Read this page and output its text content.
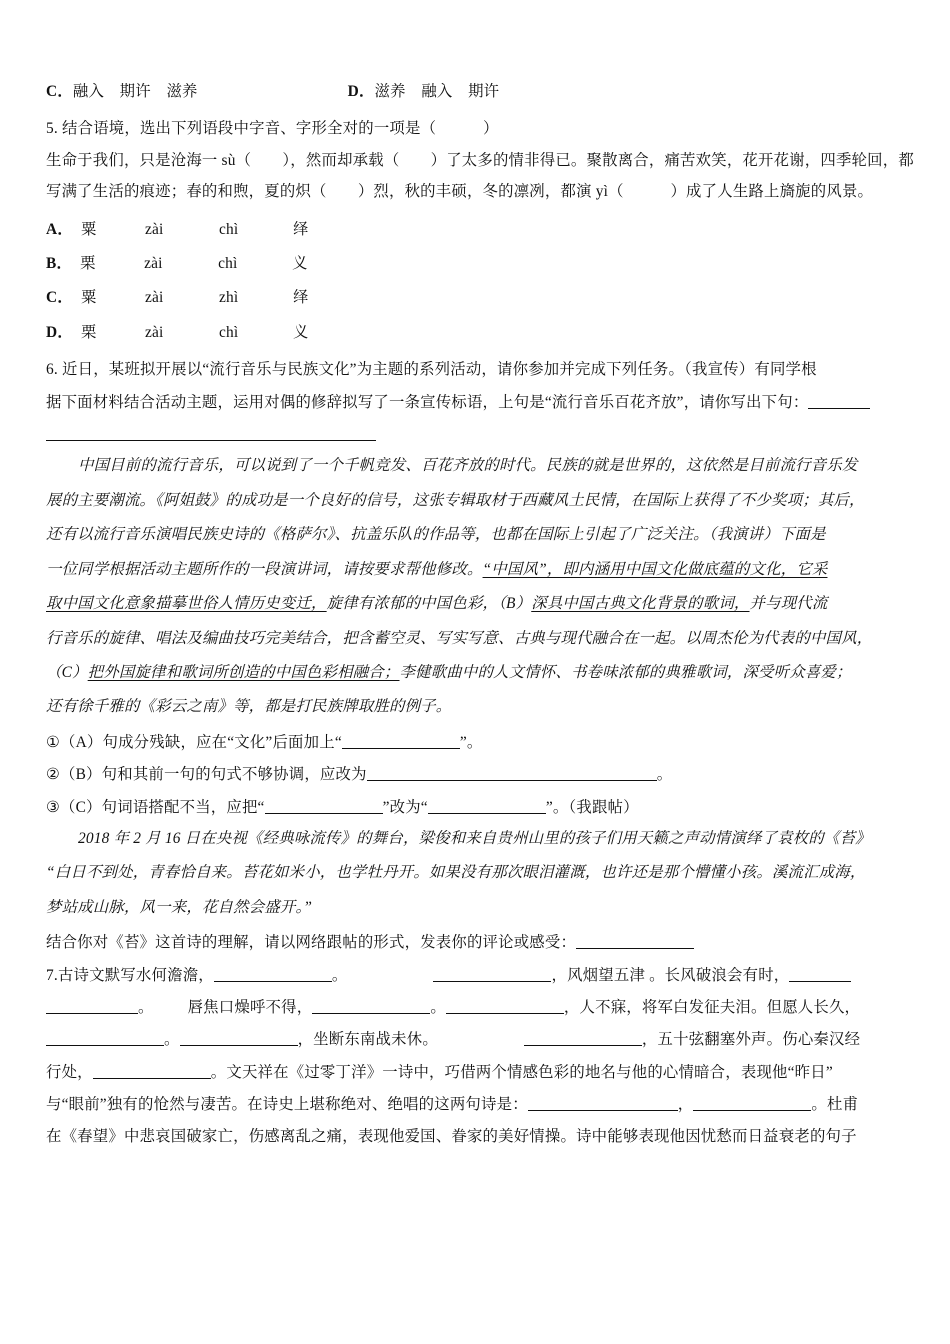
C．融入　期许　滋养	D．滋养　融入　期许
5. 结合语境，选出下列语段中字音、字形全对的一项是（　　　）
生命于我们，只是沧海一 sù（　　），然而却承载（　　）了太多的情非得已。聚散离合，痛苦欢笑，花开花谢，四季轮回，都
写满了生活的痕迹；春的和煦，夏的炽（　　）烈，秋的丰硕，冬的凛冽，都演 yì（　　　）成了人生路上旖旎的风景。
A． 粟	zài	chì	绎
B． 栗	zài	chì	义
C． 粟	zài	zhì	绎
D． 栗	zài	chì	义
6. 近日，某班拟开展以“流行音乐与民族文化”为主题的系列活动，请你参加并完成下列任务。（我宣传）有同学根
据下面材料结合活动主题，运用对偶的修辞拟写了一条宣传标语，上句是“流行音乐百花齐放”，请你写出下句：
中国目前的流行音乐，可以说到了一个千帆竞发、百花齐放的时代。民族的就是世界的，这依然是目前流行音乐发
展的主要潮流。《阿姐鼓》的成功是一个良好的信号，这张专辑取材于西藏风土民情，在国际上获得了不少奖项；其后，
还有以流行音乐演唱民族史诗的《格萨尔》、抗盖乐队的作品等，也都在国际上引起了广泛关注。（我演讲）下面是
一位同学根据活动主题所作的一段演讲词，请按要求帮他修改。“中国风”，即内涵用中国文化做底蕴的文化，它采
取中国文化意象描摹世俗人情历史变迁，旋律有浓郁的中国色彩，（B）深具中国古典文化背景的歌词，并与现代流
行音乐的旋律、唱法及编曲技巧完美结合，把含蓄空灵、写实写意、古典与现代融合在一起。以周杰伦为代表的中国风，
（C）把外国旋律和歌词所创造的中国色彩相融合；李健歌曲中的人文情怀、书卷味浓郁的典雅歌词，深受听众喜爱；
还有徐千雅的《彩云之南》等，都是打民族牌取胜的例子。
①（A）句成分残缺，应在“文化”后面加上“	”。
②（B）句和其前一句的句式不够协调，应改为	。
③（C）句词语搭配不当，应把“	”改为“	”。（我跟帖）
2018 年 2 月 16 日在央视《经典咏流传》的舞台，梁俊和来自贵州山里的孩子们用天籁之声动情演绎了袁枚的《苔》
“白日不到处，青春恰自来。苔花如米小，也学牡丹开。如果没有那次眼泪灌溉，也许还是那个懵懂小孩。溪流汇成海，
梦站成山脉，风一来，花自然会盛开。”
结合你对《苔》这首诗的理解，请以网络跟帖的形式，发表你的评论或感受：
7.古诗文默写水何澹澹，	。	，风烟望五津 。长风破浪会有时，
。 唇焦口燥呼不得，	。	，人不寐，将军白发征夫泪。但愿人长久，
。	，坐断东南战未休。	，五十弦翻塞外声。伤心秦汉经
行处，	。文天祥在《过零丁洋》一诗中，巧借两个情感色彩的地名与他的心情暗合，表现他“昨日”
与“眼前”独有的怆然与凄苦。在诗史上堪称绝对、绝唱的这两句诗是：	，	。杜甫
在《春望》中悲哀国破家亡，伤感离乱之痛，表现他爱国、眷家的美好情操。诗中能够表现他因忧愁而日益衰老的句子
